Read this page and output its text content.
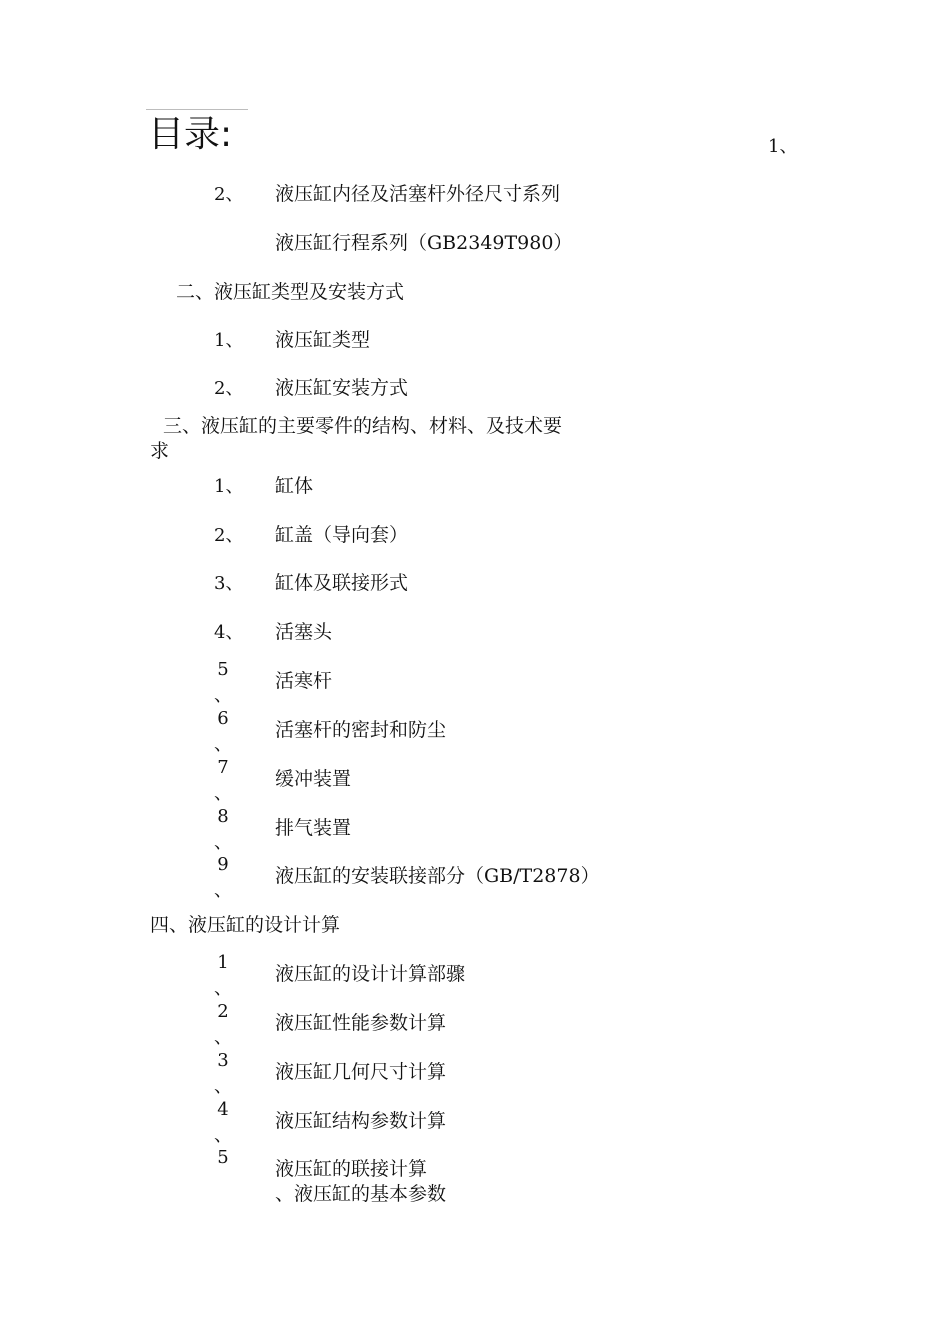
目录:	1、
2、 液压缸内径及活塞杆外径尺寸系列
液压缸行程系列（GB2349T980）
二、液压缸类型及安装方式
1、 液压缸类型
2、 液压缸安装方式
三、液压缸的主要零件的结构、材料、及技术要
求
1、 缸体
2、 缸盖（导向套）
3、 缸体及联接形式
4、 活塞头
5
、
活寒杆
6
、
活塞杆的密封和防尘
7
、
缓冲装置
8
、
排气装置
9
、
液压缸的安装联接部分（GB/T2878）
四、液压缸的设计计算
1
、
液压缸的设计计算部骤
2
、
液压缸性能参数计算
3
、
液压缸几何尺寸计算
4
、
液压缸结构参数计算
5
液压缸的联接计算
、液压缸的基本参数
